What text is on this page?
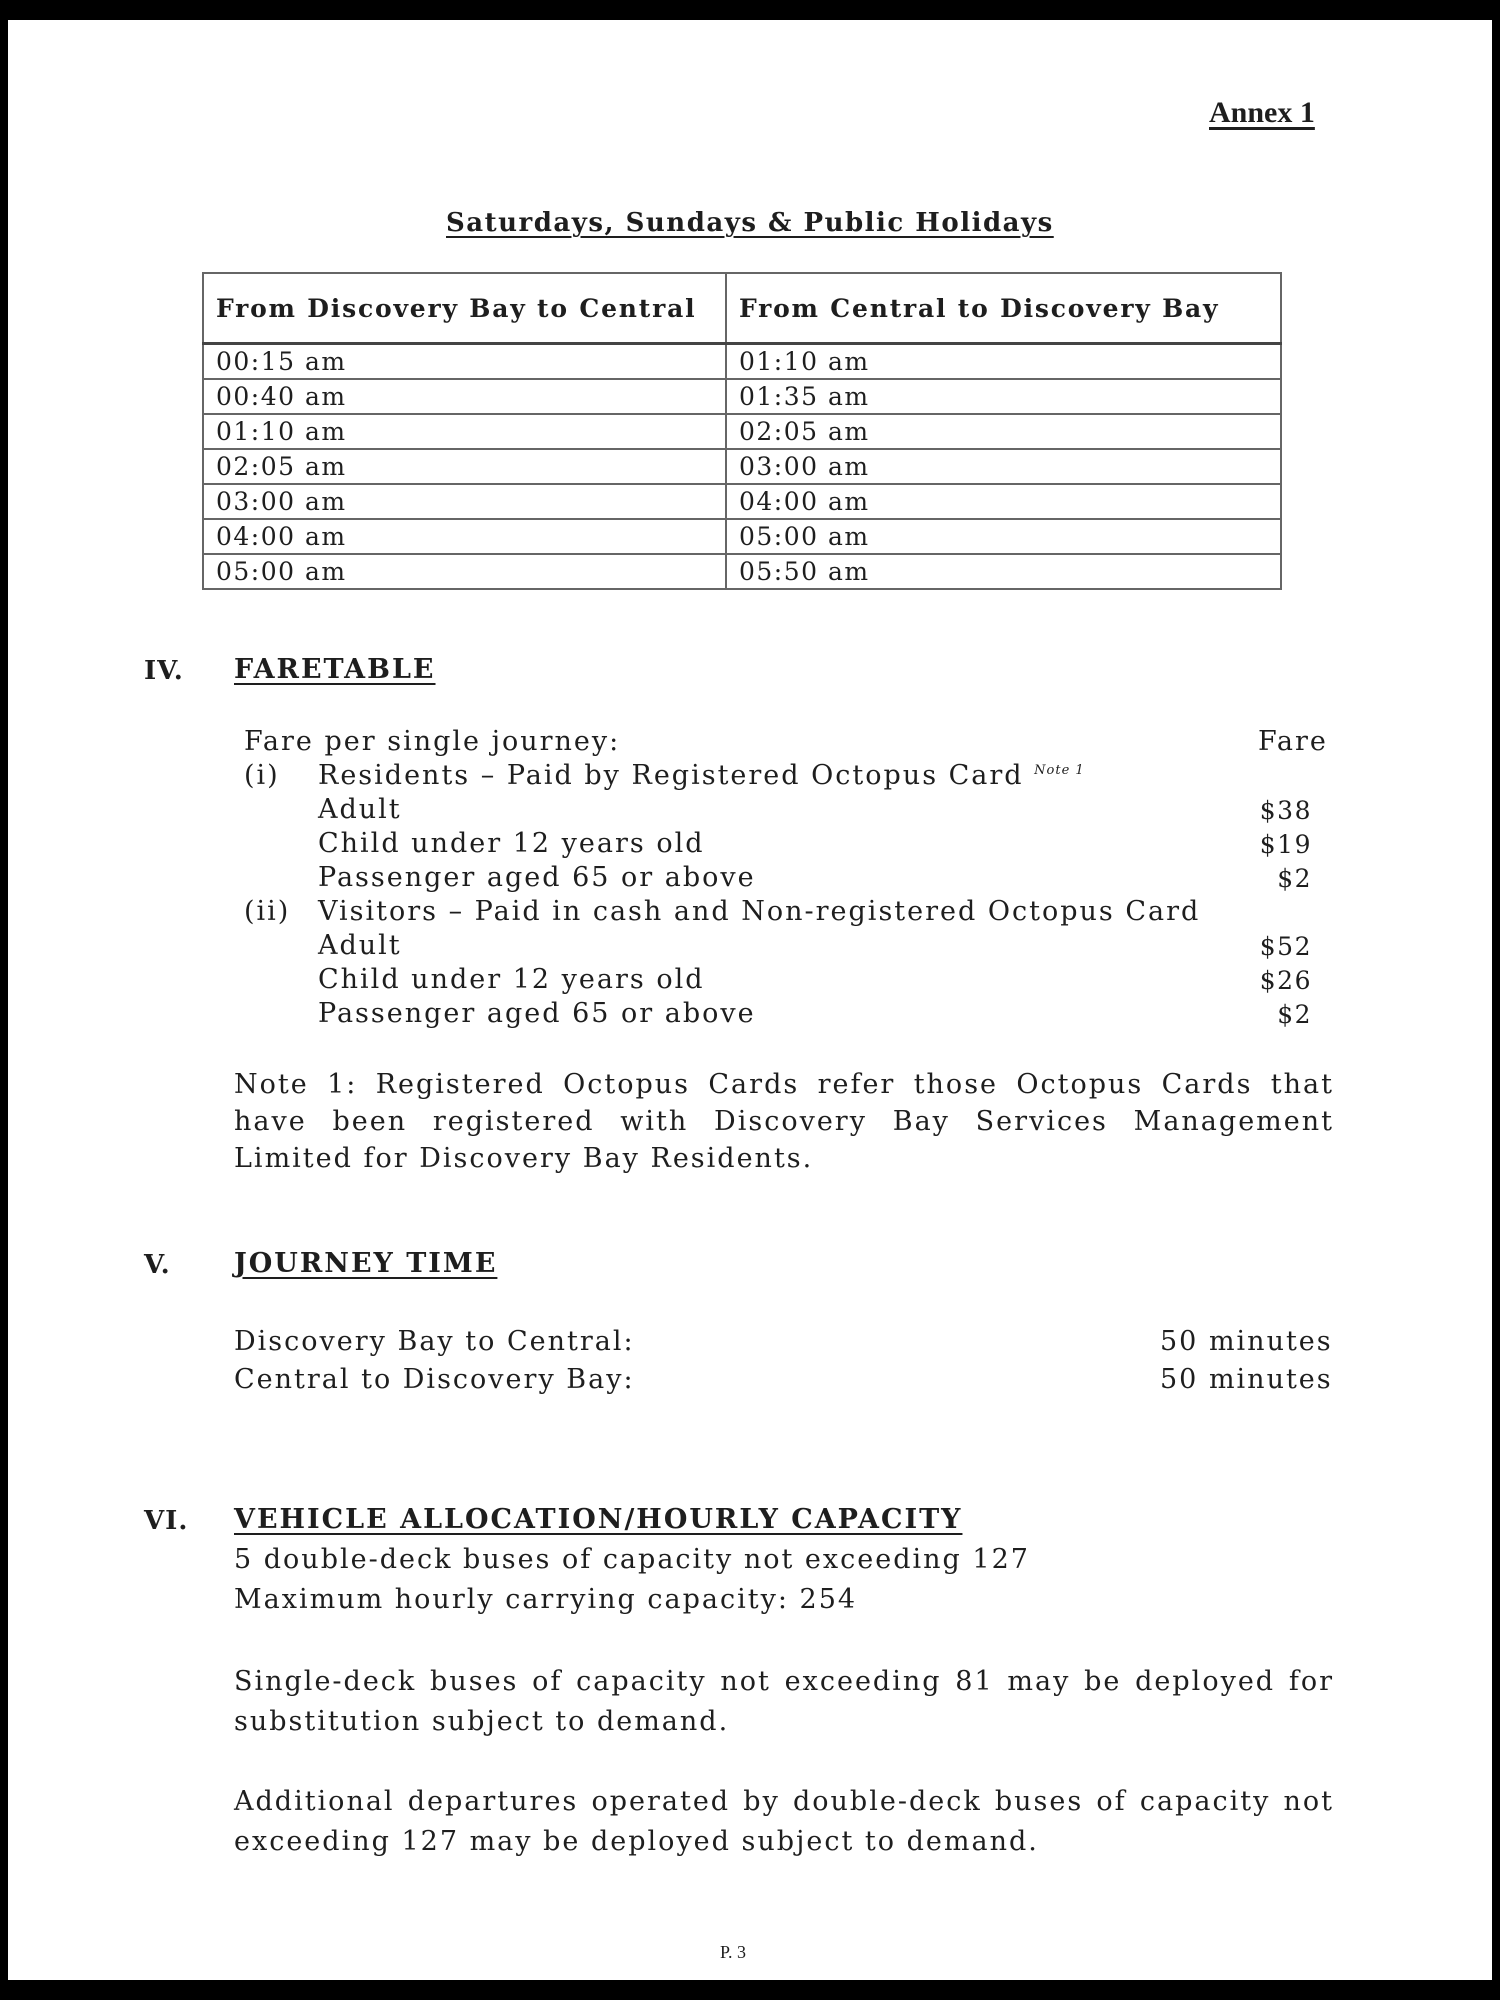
Annex 1
Saturdays, Sundays & Public Holidays
From Discovery Bay to Central	From Central to Discovery Bay
00:15 am	01:10 am
00:40 am	01:35 am
01:10 am	02:05 am
02:05 am	03:00 am
03:00 am	04:00 am
04:00 am	05:00 am
05:00 am	05:50 am
IV. FARETABLE
Fare per single journey:	Fare
(i) Residents – Paid by Registered Octopus Card $^{Note 1}$
Adult	$38
Child under 12 years old	$19
Passenger aged 65 or above	$2
(ii) Visitors – Paid in cash and Non-registered Octopus Card
Adult	$52
Child under 12 years old	$26
Passenger aged 65 or above	$2
Note 1: Registered Octopus Cards refer those Octopus Cards that have been registered with Discovery Bay Services Management Limited for Discovery Bay Residents.
V. JOURNEY TIME
Discovery Bay to Central:	50 minutes
Central to Discovery Bay:	50 minutes
VI. VEHICLE ALLOCATION/HOURLY CAPACITY
5 double-deck buses of capacity not exceeding 127
Maximum hourly carrying capacity: 254
Single-deck buses of capacity not exceeding 81 may be deployed for substitution subject to demand.
Additional departures operated by double-deck buses of capacity not exceeding 127 may be deployed subject to demand.
P. 3
